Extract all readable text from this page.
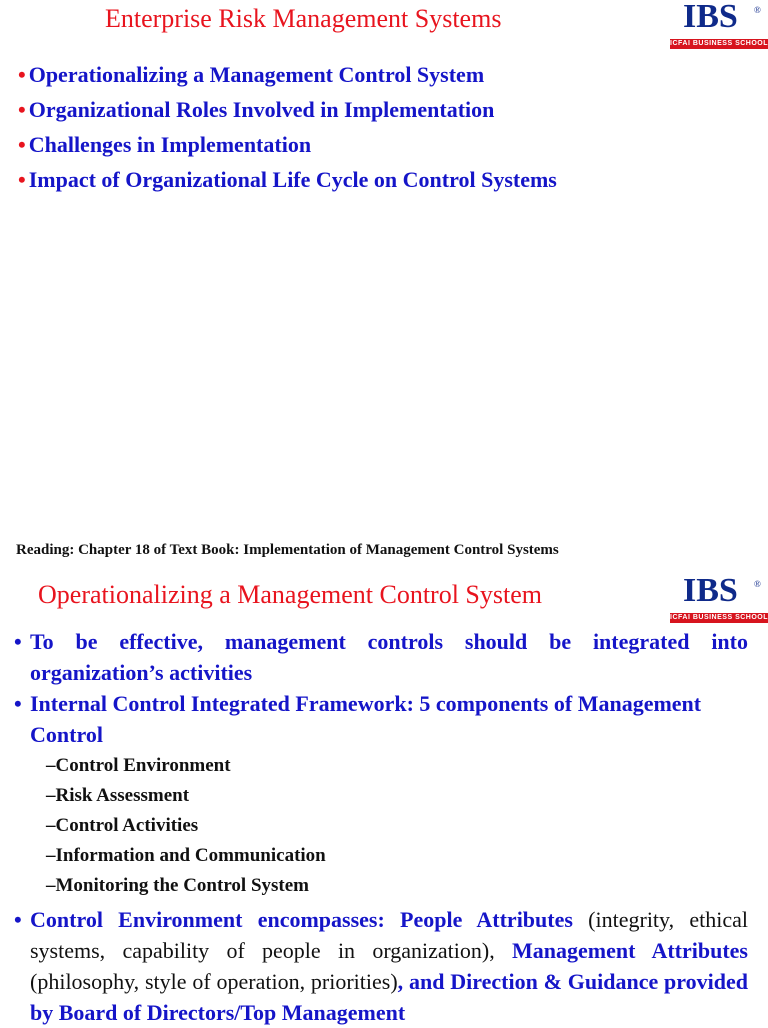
Enterprise Risk Management Systems	IBS ®
ICFAI BUSINESS SCHOOL
• Operationalizing a Management Control System
• Organizational Roles Involved in Implementation
• Challenges in Implementation
• Impact of Organizational Life Cycle on Control Systems
Reading: Chapter 18 of Text Book: Implementation of Management Control Systems
Operationalizing a Management Control System	IBS ®
ICFAI BUSINESS SCHOOL
• To be effective, management controls should be integrated into organization’s activities
• Internal Control Integrated Framework: 5 components of Management Control
–Control Environment
–Risk Assessment
–Control Activities
–Information and Communication
–Monitoring the Control System
• Control Environment encompasses: People Attributes (integrity, ethical systems, capability of people in organization), Management Attributes (philosophy, style of operation, priorities), and Direction & Guidance provided by Board of Directors/Top Management
